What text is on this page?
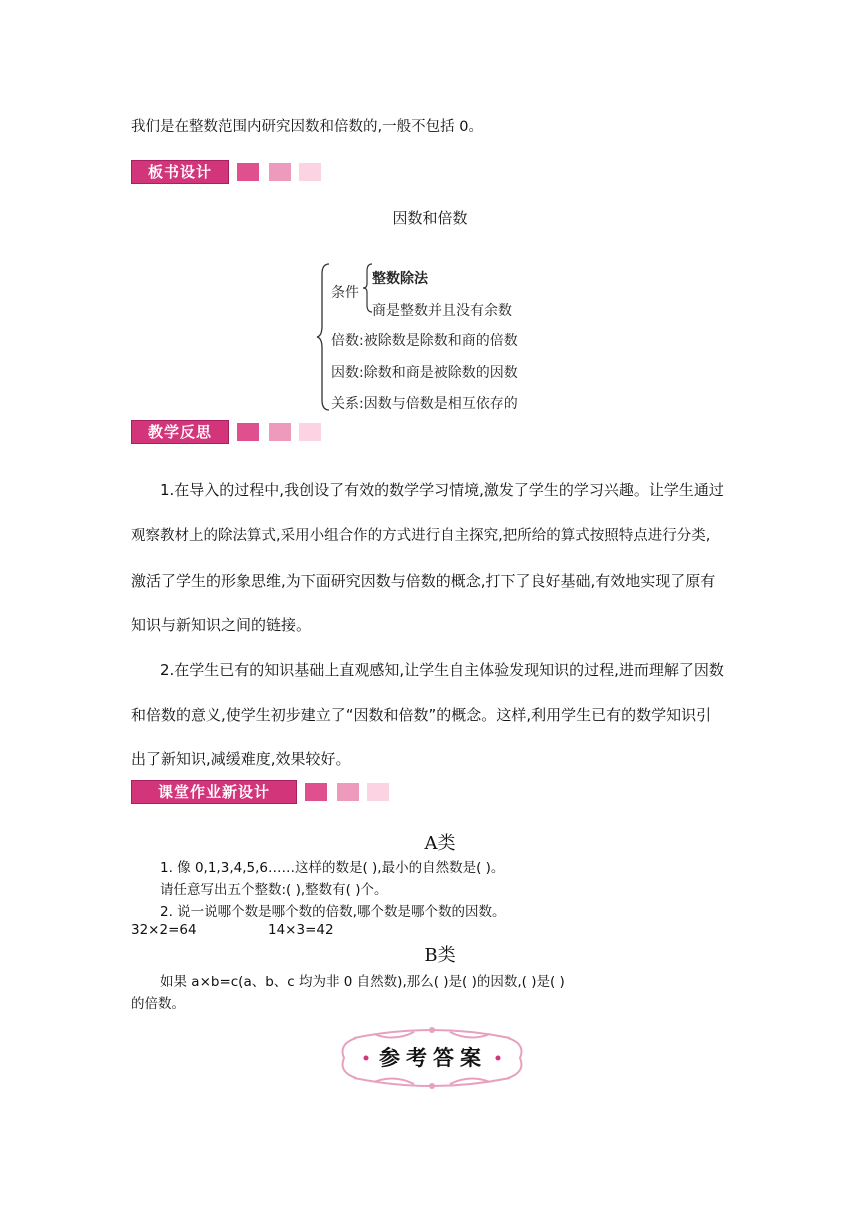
我们是在整数范围内研究因数和倍数的,一般不包括 0。
板书设计
因数和倍数
条件
整数除法
商是整数并且没有余数
倍数:被除数是除数和商的倍数
因数:除数和商是被除数的因数
关系:因数与倍数是相互依存的
教学反思
1.在导入的过程中,我创设了有效的数学学习情境,激发了学生的学习兴趣。让学生通过
观察教材上的除法算式,采用小组合作的方式进行自主探究,把所给的算式按照特点进行分类,
激活了学生的形象思维,为下面研究因数与倍数的概念,打下了良好基础,有效地实现了原有
知识与新知识之间的链接。
2.在学生已有的知识基础上直观感知,让学生自主体验发现知识的过程,进而理解了因数
和倍数的意义,使学生初步建立了“因数和倍数”的概念。这样,利用学生已有的数学知识引
出了新知识,减缓难度,效果较好。
课堂作业新设计
A类
1. 像 0,1,3,4,5,6……这样的数是( ),最小的自然数是( )。
请任意写出五个整数:( ),整数有( )个。
2. 说一说哪个数是哪个数的倍数,哪个数是哪个数的因数。
32×2=64	14×3=42
B类
如果 a×b=c(a、b、c 均为非 0 自然数),那么( )是( )的因数,( )是( )
的倍数。
参考答案
